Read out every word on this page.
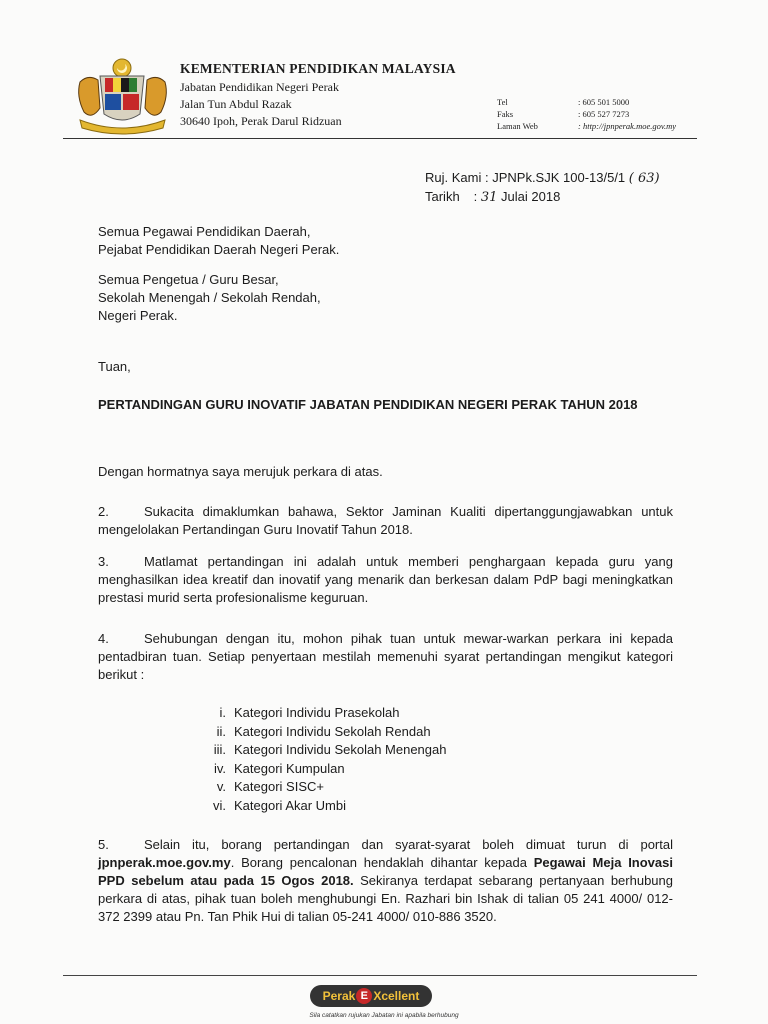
KEMENTERIAN PENDIDIKAN MALAYSIA
Jabatan Pendidikan Negeri Perak
Jalan Tun Abdul Razak
30640 Ipoh, Perak Darul Ridzuan
Tel	: 605 501 5000
Faks	: 605 527 7273
Laman Web	: http://jpnperak.moe.gov.my
Ruj. Kami : JPNPk.SJK 100-13/5/1 ( 63)
Tarikh : 31 Julai 2018
Semua Pegawai Pendidikan Daerah,
Pejabat Pendidikan Daerah Negeri Perak.
Semua Pengetua / Guru Besar,
Sekolah Menengah / Sekolah Rendah,
Negeri Perak.
Tuan,
PERTANDINGAN GURU INOVATIF JABATAN PENDIDIKAN NEGERI PERAK TAHUN 2018
Dengan hormatnya saya merujuk perkara di atas.
2.	Sukacita dimaklumkan bahawa, Sektor Jaminan Kualiti dipertanggungjawabkan untuk mengelolakan Pertandingan Guru Inovatif Tahun 2018.
3.	Matlamat pertandingan ini adalah untuk memberi penghargaan kepada guru yang menghasilkan idea kreatif dan inovatif yang menarik dan berkesan dalam PdP bagi meningkatkan prestasi murid serta profesionalisme keguruan.
4.	Sehubungan dengan itu, mohon pihak tuan untuk mewar-warkan perkara ini kepada pentadbiran tuan. Setiap penyertaan mestilah memenuhi syarat pertandingan mengikut kategori berikut :
i. Kategori Individu Prasekolah
ii. Kategori Individu Sekolah Rendah
iii. Kategori Individu Sekolah Menengah
iv. Kategori Kumpulan
v. Kategori SISC+
vi. Kategori Akar Umbi
5.	Selain itu, borang pertandingan dan syarat-syarat boleh dimuat turun di portal jpnperak.moe.gov.my. Borang pencalonan hendaklah dihantar kepada Pegawai Meja Inovasi PPD sebelum atau pada 15 Ogos 2018. Sekiranya terdapat sebarang pertanyaan berhubung perkara di atas, pihak tuan boleh menghubungi En. Razhari bin Ishak di talian 05 241 4000/ 012-372 2399 atau Pn. Tan Phik Hui di talian 05-241 4000/ 010-886 3520.
Perak E Xcellent
Sila catatkan rujukan Jabatan ini apabila berhubung
